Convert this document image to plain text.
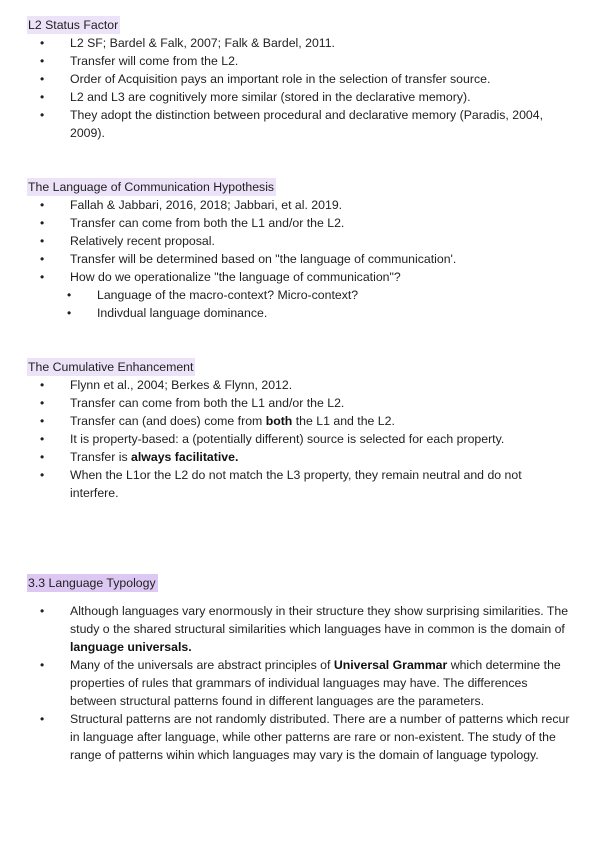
L2 Status Factor
• L2 SF; Bardel & Falk, 2007; Falk & Bardel, 2011.
• Transfer will come from the L2.
• Order of Acquisition pays an important role in the selection of transfer source.
• L2 and L3 are cognitively more similar (stored in the declarative memory).
• They adopt the distinction between procedural and declarative memory (Paradis, 2004, 2009).
The Language of Communication Hypothesis
• Fallah & Jabbari, 2016, 2018; Jabbari, et al. 2019.
• Transfer can come from both the L1 and/or the L2.
• Relatively recent proposal.
• Transfer will be determined based on "the language of communication'.
• How do we operationalize "the language of communication"?
• Language of the macro-context? Micro-context?
• Indivdual language dominance.
The Cumulative Enhancement
• Flynn et al., 2004; Berkes & Flynn, 2012.
• Transfer can come from both the L1 and/or the L2.
• Transfer can (and does) come from both the L1 and the L2.
• It is property-based: a (potentially different) source is selected for each property.
• Transfer is always facilitative.
• When the L1or the L2 do not match the L3 property, they remain neutral and do not interfere.
3.3 Language Typology
• Although languages vary enormously in their structure they show surprising similarities. The study o the shared structural similarities which languages have in common is the domain of language universals.
• Many of the universals are abstract principles of Universal Grammar which determine the properties of rules that grammars of individual languages may have. The differences between structural patterns found in different languages are the parameters.
• Structural patterns are not randomly distributed. There are a number of patterns which recur in language after language, while other patterns are rare or non-existent. The study of the range of patterns wihin which languages may vary is the domain of language typology.
